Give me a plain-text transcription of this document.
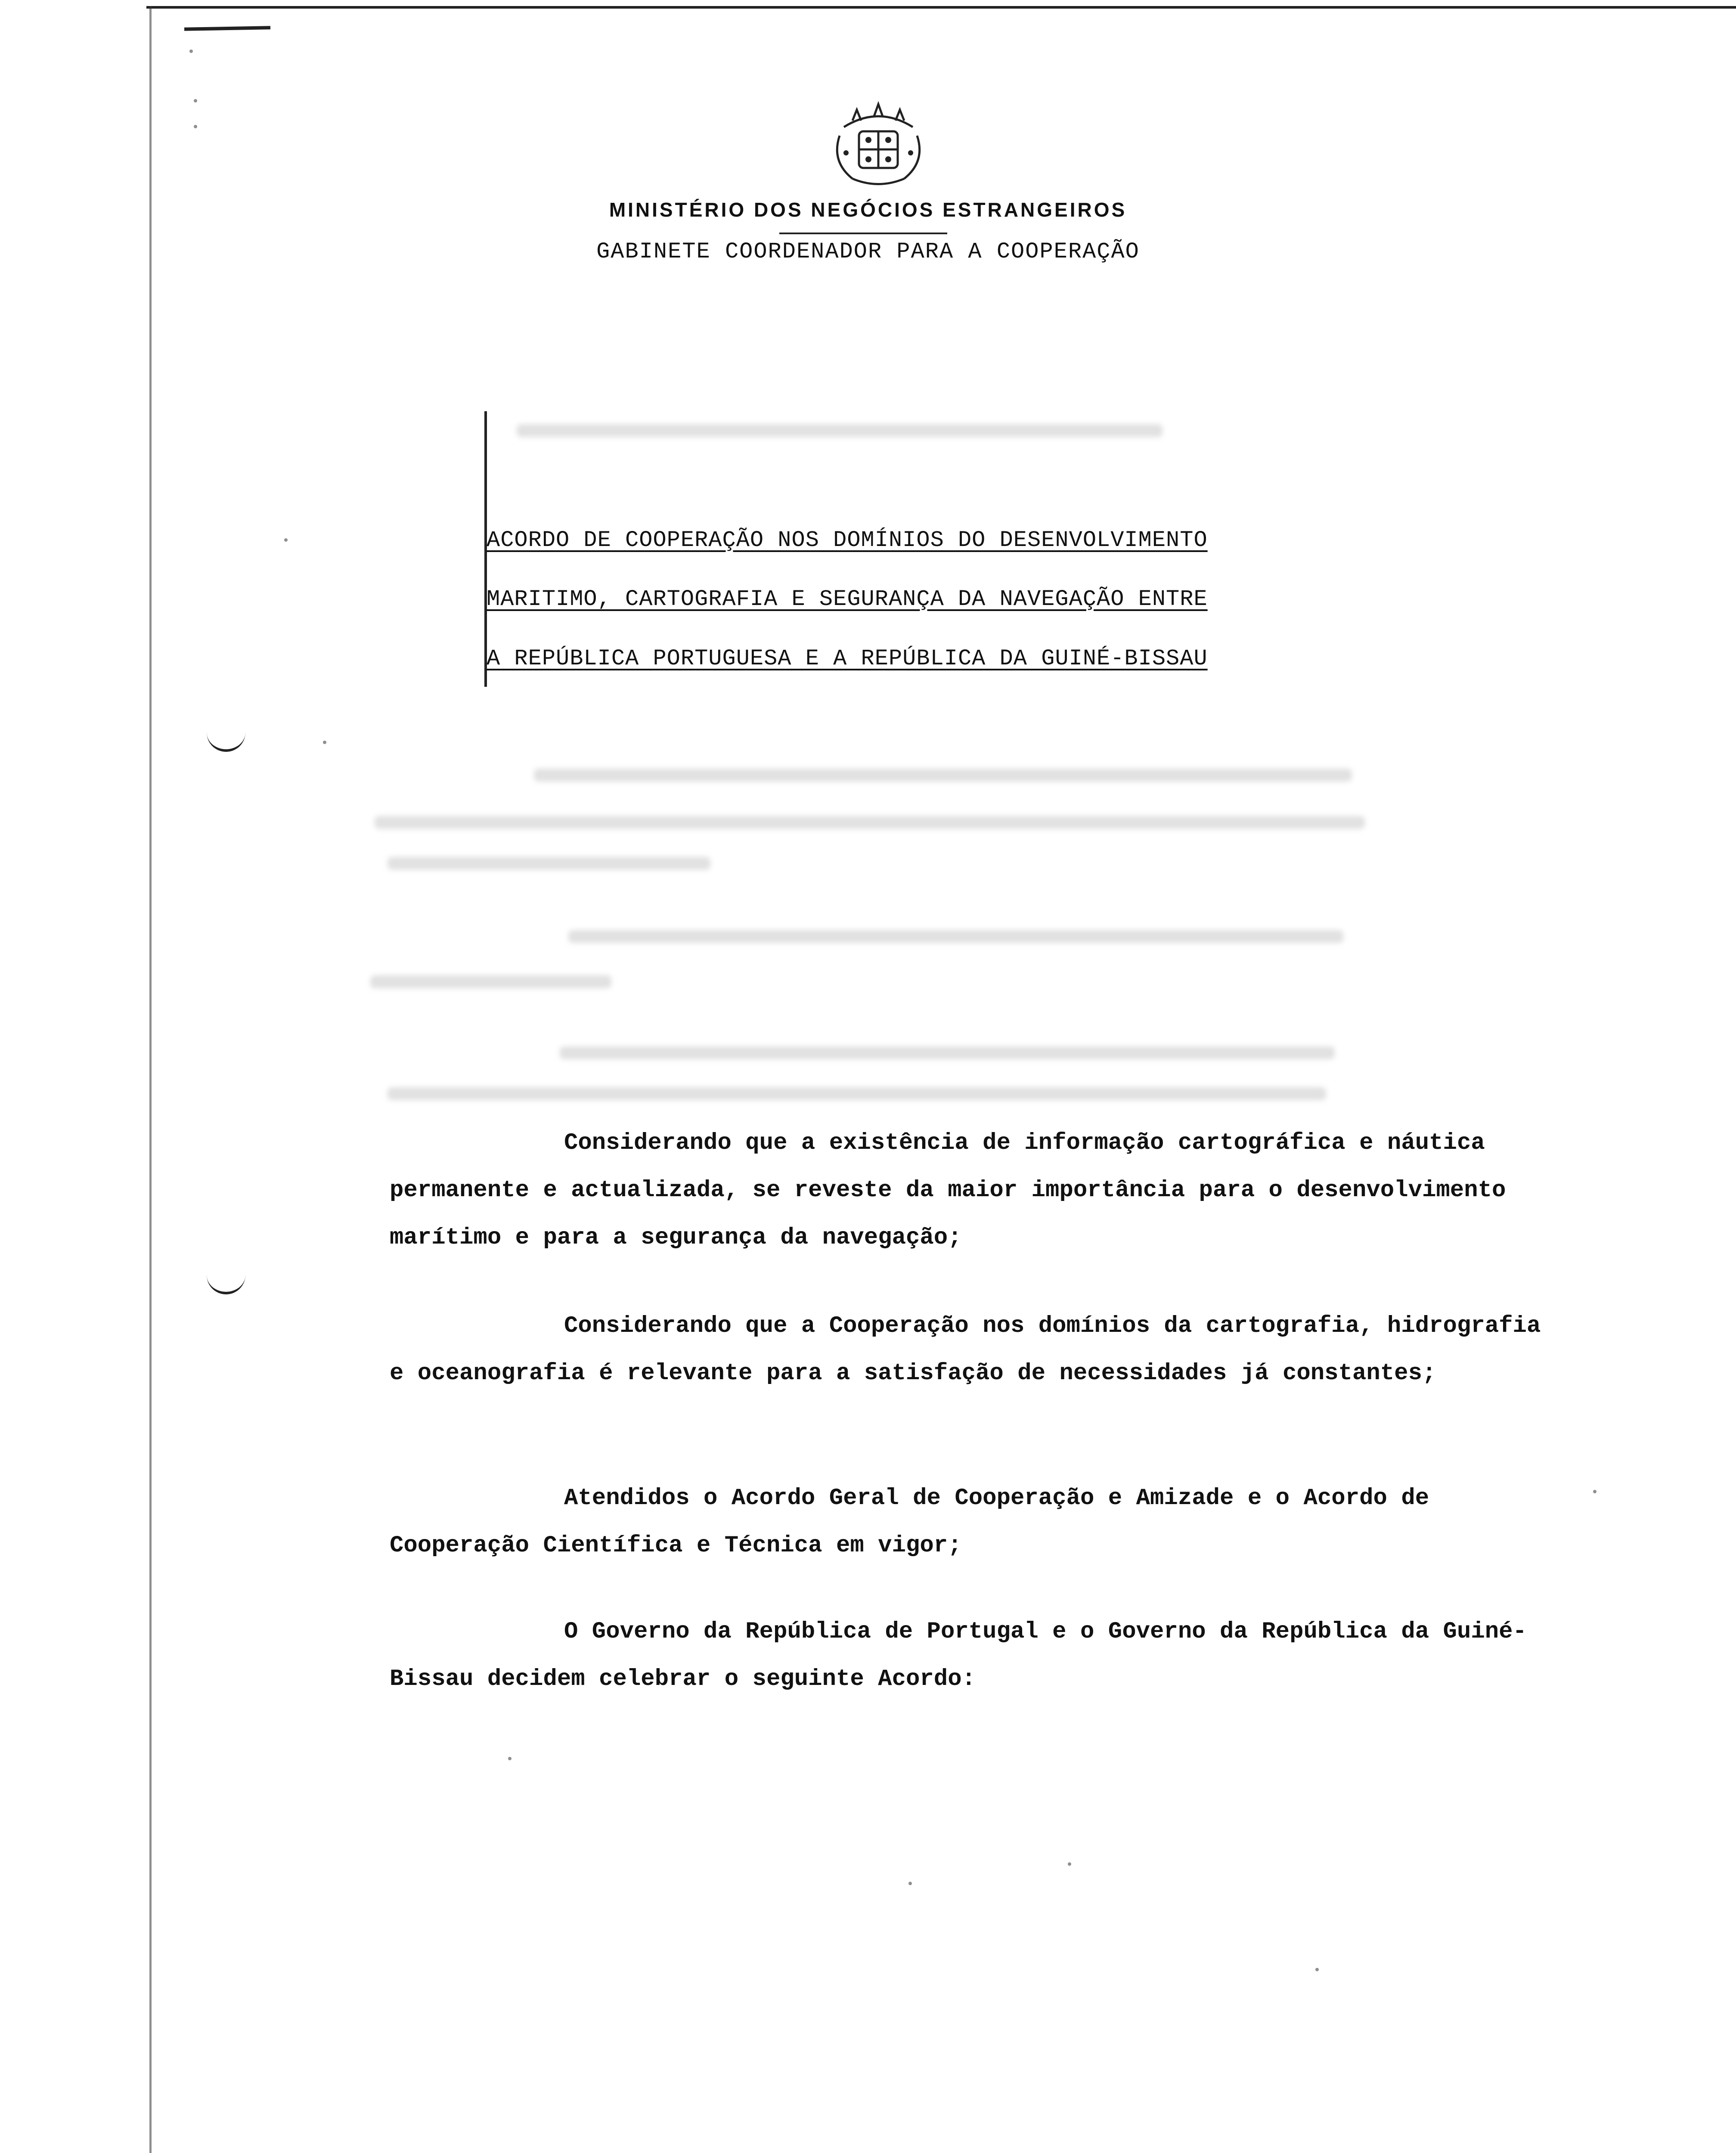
MINISTÉRIO DOS NEGÓCIOS ESTRANGEIROS
GABINETE COORDENADOR PARA A COOPERAÇÃO
ACORDO DE COOPERAÇÃO NOS DOMÍNIOS DO DESENVOLVIMENTO
MARITIMO, CARTOGRAFIA E SEGURANÇA DA NAVEGAÇÃO ENTRE
A REPÚBLICA PORTUGUESA E A REPÚBLICA DA GUINÉ-BISSAU
Considerando que a existência de informação cartográfica e náutica permanente e actualizada, se reveste da maior importância para o desenvolvimento marítimo e para a segurança da navegação;
Considerando que a Cooperação nos domínios da cartografia, hidrografia e oceanografia é relevante para a satisfação de necessidades já constantes;
Atendidos o Acordo Geral de Cooperação e Amizade e o Acordo de Cooperação Científica e Técnica em vigor;
O Governo da República de Portugal e o Governo da República da Guiné-Bissau decidem celebrar o seguinte Acordo:
